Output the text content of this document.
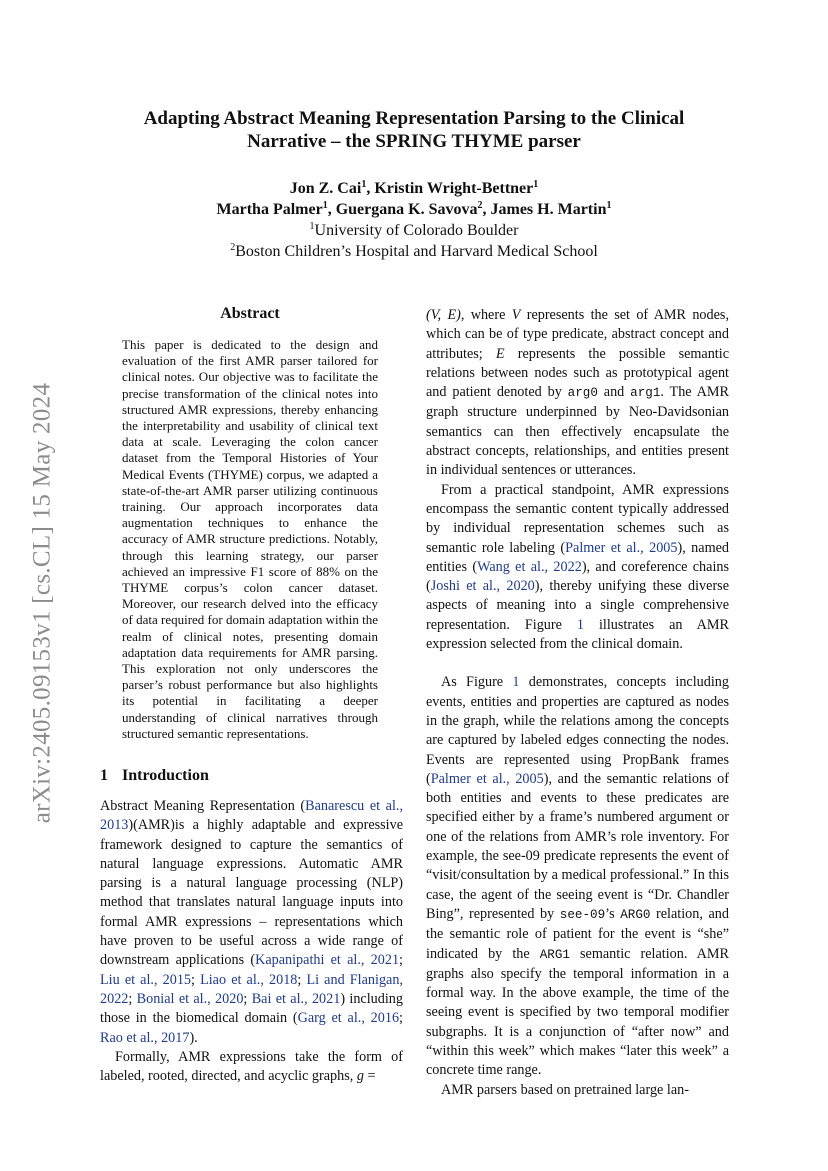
arXiv:2405.09153v1 [cs.CL] 15 May 2024
Adapting Abstract Meaning Representation Parsing to the Clinical
Narrative – the SPRING THYME parser
Jon Z. Cai$^1$, Kristin Wright-Bettner$^1$
Martha Palmer$^1$, Guergana K. Savova$^2$, James H. Martin$^1$
$^1$University of Colorado Boulder
$^2$Boston Children’s Hospital and Harvard Medical School
Abstract
This paper is dedicated to the design and evaluation of the first AMR parser tailored for clinical notes. Our objective was to facilitate the precise transformation of the clinical notes into structured AMR expressions, thereby enhancing the interpretability and usability of clinical text data at scale. Leveraging the colon cancer dataset from the Temporal Histories of Your Medical Events (THYME) corpus, we adapted a state-of-the-art AMR parser utilizing continuous training. Our approach incorporates data augmentation techniques to enhance the accuracy of AMR structure predictions. Notably, through this learning strategy, our parser achieved an impressive F1 score of 88% on the THYME corpus’s colon cancer dataset. Moreover, our research delved into the efficacy of data required for domain adaptation within the realm of clinical notes, presenting domain adaptation data requirements for AMR parsing. This exploration not only underscores the parser’s robust performance but also highlights its potential in facilitating a deeper understanding of clinical narratives through structured semantic representations.
1 Introduction

Abstract Meaning Representation (Banarescu et al., 2013)(AMR)is a highly adaptable and expressive framework designed to capture the semantics of natural language expressions. Automatic AMR parsing is a natural language processing (NLP) method that translates natural language inputs into formal AMR expressions – representations which have proven to be useful across a wide range of downstream applications (Kapanipathi et al., 2021; Liu et al., 2015; Liao et al., 2018; Li and Flanigan, 2022; Bonial et al., 2020; Bai et al., 2021) including those in the biomedical domain (Garg et al., 2016; Rao et al., 2017).

Formally, AMR expressions take the form of labeled, rooted, directed, and acyclic graphs, g =

(V, E), where V represents the set of AMR nodes, which can be of type predicate, abstract concept and attributes; E represents the possible semantic relations between nodes such as prototypical agent and patient denoted by arg0 and arg1. The AMR graph structure underpinned by Neo-Davidsonian semantics can then effectively encapsulate the abstract concepts, relationships, and entities present in individual sentences or utterances.

From a practical standpoint, AMR expressions encompass the semantic content typically addressed by individual representation schemes such as semantic role labeling (Palmer et al., 2005), named entities (Wang et al., 2022), and coreference chains (Joshi et al., 2020), thereby unifying these diverse aspects of meaning into a single comprehensive representation. Figure 1 illustrates an AMR expression selected from the clinical domain.

As Figure 1 demonstrates, concepts including events, entities and properties are captured as nodes in the graph, while the relations among the concepts are captured by labeled edges connecting the nodes. Events are represented using PropBank frames (Palmer et al., 2005), and the semantic relations of both entities and events to these predicates are specified either by a frame’s numbered argument or one of the relations from AMR’s role inventory. For example, the see-09 predicate represents the event of “visit/consultation by a medical professional.” In this case, the agent of the seeing event is “Dr. Chandler Bing”, represented by see-09’s ARG0 relation, and the semantic role of patient for the event is “she” indicated by the ARG1 semantic relation. AMR graphs also specify the temporal information in a formal way. In the above example, the time of the seeing event is specified by two temporal modifier subgraphs. It is a conjunction of “after now” and “within this week” which makes “later this week” a concrete time range.

AMR parsers based on pretrained large lan-
